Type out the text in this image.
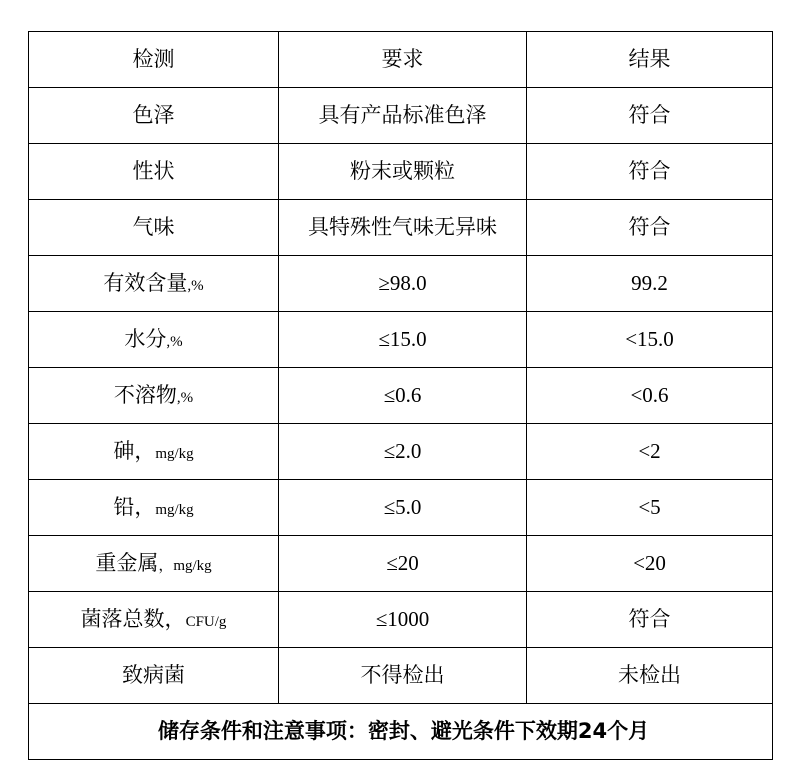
检测	要求	结果
色泽	具有产品标准色泽	符合
性状	粉末或颗粒	符合
气味	具特殊性气味无异味	符合
有效含量,%	≥98.0	99.2
水分,%	≤15.0	<15.0
不溶物,%	≤0.6	<0.6
砷，mg/kg	≤2.0	<2
铅，mg/kg	≤5.0	<5
重金属，mg/kg	≤20	<20
菌落总数，CFU/g	≤1000	符合
致病菌	不得检出	未检出

储存条件和注意事项：密封、避光条件下效期24个月		
